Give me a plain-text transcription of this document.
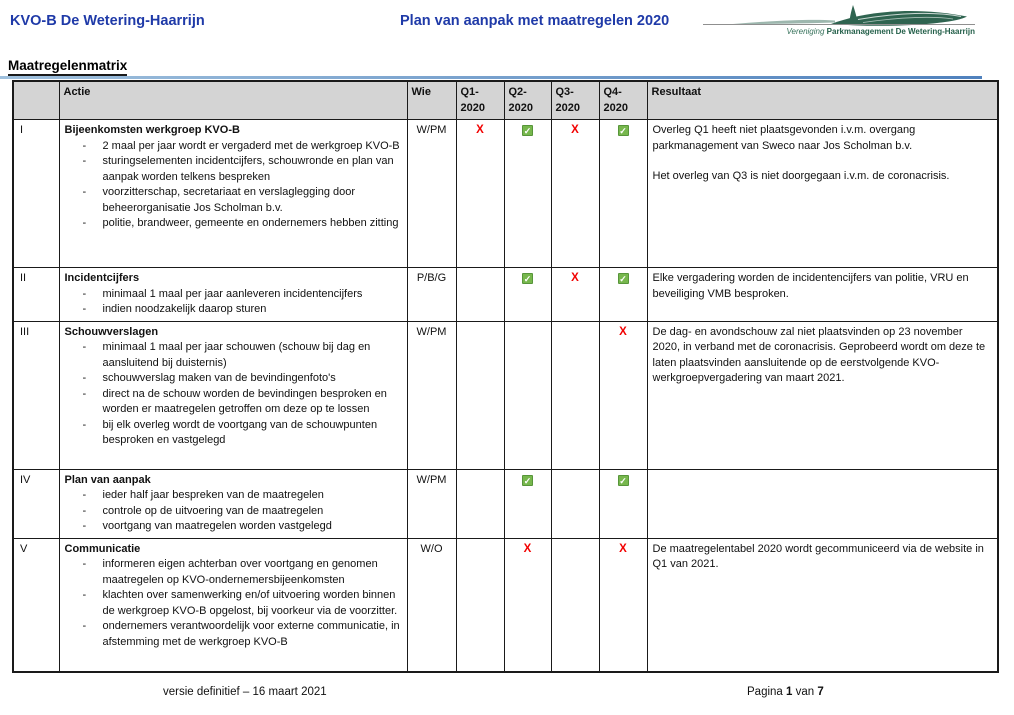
KVO-B De Wetering-Haarrijn	Plan van aanpak met maatregelen 2020
Vereniging Parkmanagement De Wetering-Haarrijn
Maatregelenmatrix
	Actie	Wie	Q1-2020	Q2-2020	Q3-2020	Q4-2020	Resultaat
I	Bijeenkomsten werkgroep KVO-B
- 2 maal per jaar wordt er vergaderd met de werkgroep KVO-B
- sturingselementen incidentcijfers, schouwronde en plan van aanpak worden telkens bespreken
- voorzitterschap, secretariaat en verslaglegging door beheerorganisatie Jos Scholman b.v.
- politie, brandweer, gemeente en ondernemers hebben zitting
	W/PM	X	✓	X	✓	Overleg Q1 heeft niet plaatsgevonden i.v.m. overgang parkmanagement van Sweco naar Jos Scholman b.v.

Het overleg van Q3 is niet doorgegaan i.v.m. de coronacrisis.

II	Incidentcijfers
- minimaal 1 maal per jaar aanleveren incidentencijfers
- indien noodzakelijk daarop sturen
	P/B/G		✓	X	✓	Elke vergadering worden de incidentencijfers van politie, VRU en beveiliging VMB besproken.

III	Schouwverslagen
- minimaal 1 maal per jaar schouwen (schouw bij dag en aansluitend bij duisternis)
- schouwverslag maken van de bevindingenfoto's
- direct na de schouw worden de bevindingen besproken en worden er maatregelen getroffen om deze op te lossen
- bij elk overleg wordt de voortgang van de schouwpunten besproken en vastgelegd
	W/PM				X	De dag- en avondschouw zal niet plaatsvinden op 23 november 2020, in verband met de coronacrisis. Geprobeerd wordt om deze te laten plaatsvinden aansluitende op de eerstvolgende KVO-werkgroepvergadering van maart 2021.

IV	Plan van aanpak
- ieder half jaar bespreken van de maatregelen
- controle op de uitvoering van de maatregelen
- voortgang van maatregelen worden vastgelegd
	W/PM		✓		✓	

V	Communicatie
- informeren eigen achterban over voortgang en genomen maatregelen op KVO-ondernemersbijeenkomsten
- klachten over samenwerking en/of uitvoering worden binnen de werkgroep KVO-B opgelost, bij voorkeur via de voorzitter.
- ondernemers verantwoordelijk voor externe communicatie, in afstemming met de werkgroep KVO-B
	W/O		X		X	De maatregelentabel 2020 wordt gecommuniceerd via de website in Q1 van 2021.

versie definitief – 16 maart 2021	Pagina 1 van 7
